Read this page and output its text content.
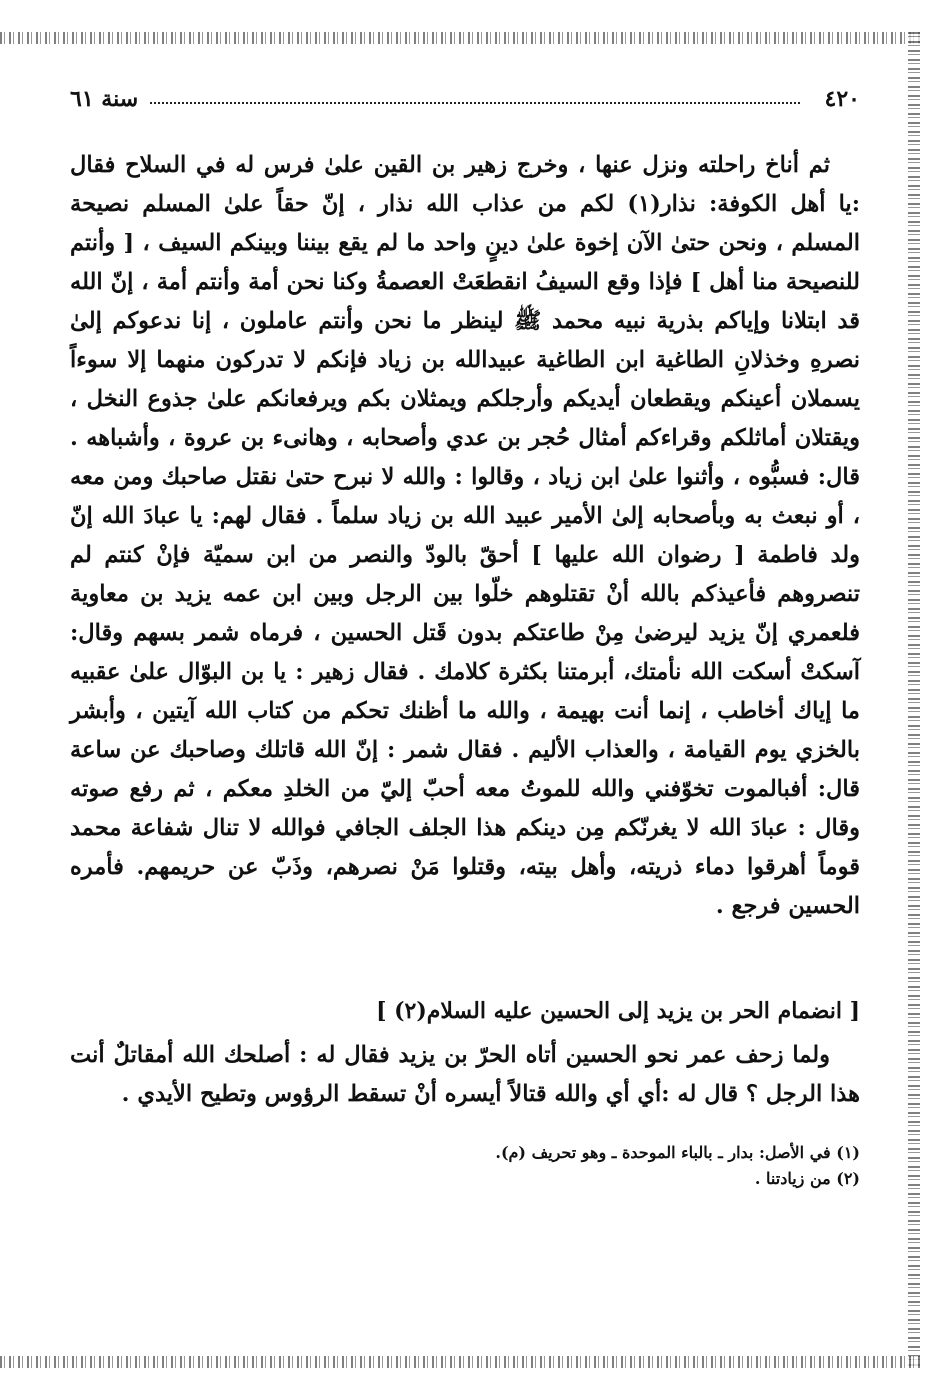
٤٢٠
سنة ٦١

ثم أناخ راحلته ونزل عنها ، وخرج زهير بن القين علىٰ فرس له في السلاح فقال :يا أهل الكوفة: نذار(١) لكم من عذاب الله نذار ، إنّ حقاً علىٰ المسلم نصيحة المسلم ، ونحن حتىٰ الآن إخوة علىٰ دينٍ واحد ما لم يقع بيننا وبينكم السيف ، [ وأنتم للنصيحة منا أهل ] فإذا وقع السيفُ انقطعَتْ العصمةُ وكنا نحن أمة وأنتم أمة ، إنّ الله قد ابتلانا وإياكم بذرية نبيه محمد ﷺ لينظر ما نحن وأنتم عاملون ، إنا ندعوكم إلىٰ نصرهِ وخذلانِ الطاغية ابن الطاغية عبيدالله بن زياد فإنكم لا تدركون منهما إلا سوءاً يسملان أعينكم ويقطعان أيديكم وأرجلكم ويمثلان بكم ويرفعانكم علىٰ جذوع النخل ، ويقتلان أماثلكم وقراءكم أمثال حُجر بن عدي وأصحابه ، وهانىء بن عروة ، وأشباهه . قال: فسبُّوه ، وأثنوا علىٰ ابن زياد ، وقالوا : والله لا نبرح حتىٰ نقتل صاحبك ومن معه ، أو نبعث به وبأصحابه إلىٰ الأمير عبيد الله بن زياد سلماً . فقال لهم: يا عبادَ الله إنّ ولد فاطمة [ رضوان الله عليها ] أحقّ بالودّ والنصر من ابن سميّة فإنْ كنتم لم تنصروهم فأعيذكم بالله أنْ تقتلوهم خلّوا بين الرجل وبين ابن عمه يزيد بن معاوية فلعمري إنّ يزيد ليرضىٰ مِنْ طاعتكم بدون قَتل الحسين ، فرماه شمر بسهم وقال: آسكتْ أسكت الله نأمتك، أبرمتنا بكثرة كلامك . فقال زهير : يا بن البوّال علىٰ عقبيه ما إياك أخاطب ، إنما أنت بهيمة ، والله ما أظنك تحكم من كتاب الله آيتين ، وأبشر بالخزي يوم القيامة ، والعذاب الأليم . فقال شمر : إنّ الله قاتلك وصاحبك عن ساعة قال: أفبالموت تخوّفني والله للموتُ معه أحبّ إليّ من الخلدِ معكم ، ثم رفع صوته وقال : عبادَ الله لا يغرنّكم مِن دينكم هذا الجلف الجافي فوالله لا تنال شفاعة محمد قوماً أهرقوا دماء ذريته، وأهل بيته، وقتلوا مَنْ نصرهم، وذَبّ عن حريمهم. فأمره الحسين فرجع .

[ انضمام الحر بن يزيد إلى الحسين عليه السلام(٢) ]

ولما زحف عمر نحو الحسين أتاه الحرّ بن يزيد فقال له : أصلحك الله أمقاتلٌ أنت هذا الرجل ؟ قال له :أي أي والله قتالاً أيسره أنْ تسقط الرؤوس وتطيح الأيدي .

(١) في الأصل: بدار ـ بالباء الموحدة ـ وهو تحريف (م).
(٢) من زيادتنا .
